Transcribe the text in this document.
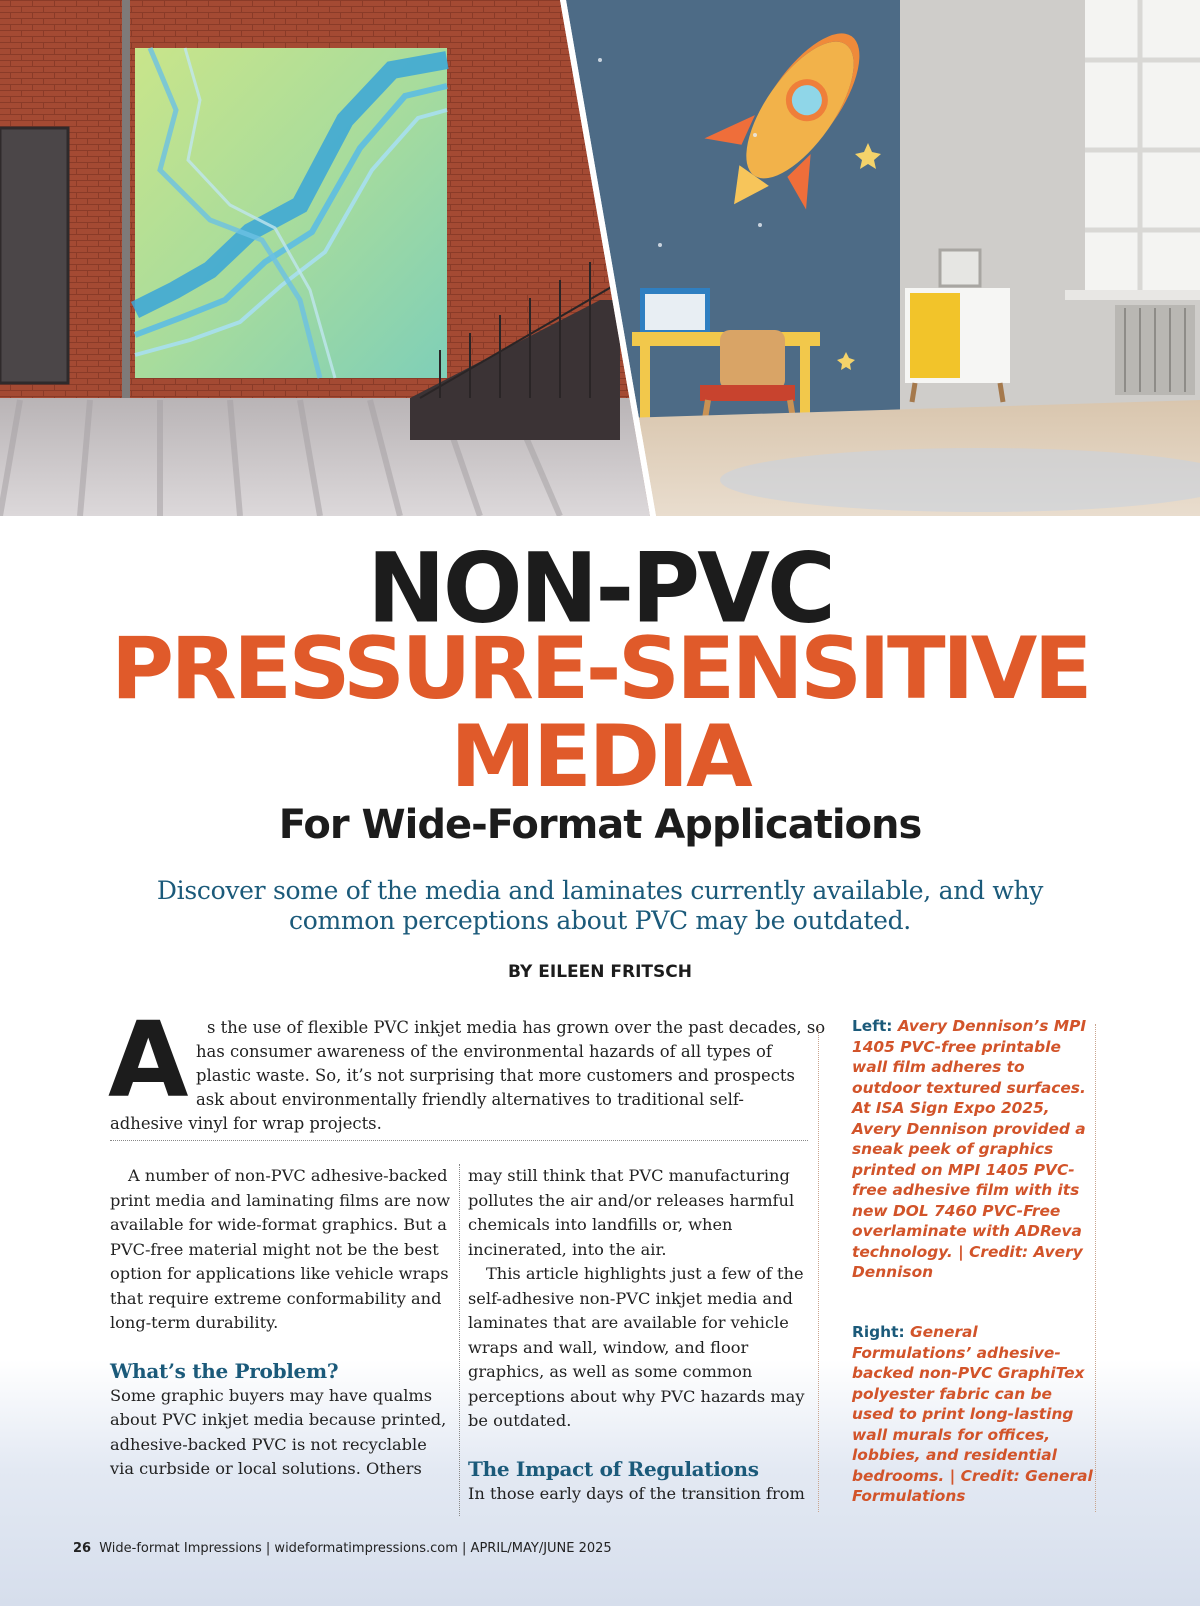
NON-PVC
PRESSURE-SENSITIVE
MEDIA
For Wide-Format Applications
Discover some of the media and laminates currently available, and why common perceptions about PVC may be outdated.
BY EILEEN FRITSCH
A s the use of flexible PVC inkjet media has grown over the past decades, so
has consumer awareness of the environmental hazards of all types of
plastic waste. So, it’s not surprising that more customers and prospects
ask about environmentally friendly alternatives to traditional self-
adhesive vinyl for wrap projects.

A number of non-PVC adhesive-backed print media and laminating films are now available for wide-format graphics. But a PVC-free material might not be the best option for applications like vehicle wraps that require extreme conformability and long-term durability.

What’s the Problem?

Some graphic buyers may have qualms about PVC inkjet media because printed, adhesive-backed PVC is not recyclable via curbside or local solutions. Others

may still think that PVC manufacturing pollutes the air and/or releases harmful chemicals into landfills or, when incinerated, into the air.

This article highlights just a few of the self-adhesive non-PVC inkjet media and laminates that are available for vehicle wraps and wall, window, and floor graphics, as well as some common perceptions about why PVC hazards may be outdated.

The Impact of Regulations

In those early days of the transition from

Left: Avery Dennison’s MPI 1405 PVC-free printable wall film adheres to outdoor textured surfaces. At ISA Sign Expo 2025, Avery Dennison provided a sneak peek of graphics printed on MPI 1405 PVC-free adhesive film with its new DOL 7460 PVC-Free overlaminate with ADReva technology. | Credit: Avery Dennison
Right: General Formulations’ adhesive-backed non-PVC GraphiTex polyester fabric can be used to print long-lasting wall murals for offices, lobbies, and residential bedrooms. | Credit: General Formulations
26 Wide-format Impressions | wideformatimpressions.com | APRIL/MAY/JUNE 2025
